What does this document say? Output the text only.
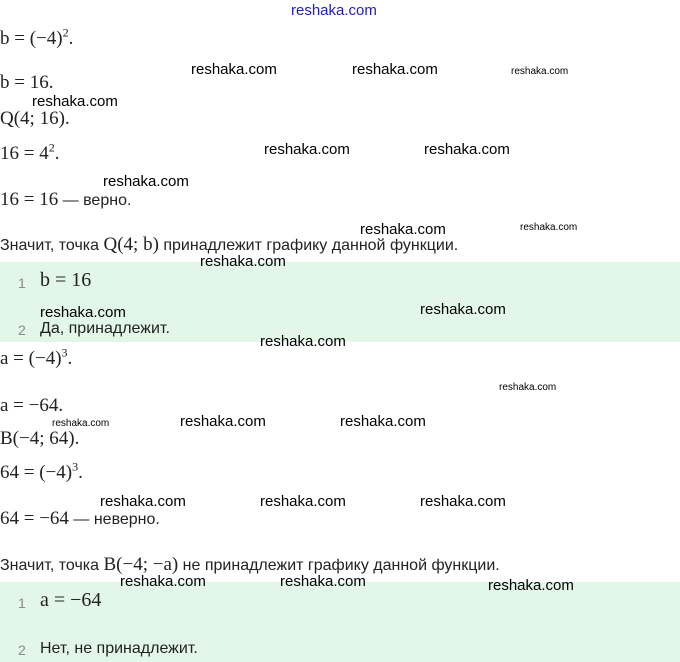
reshaka.com
$b = (-4)^2$.
b = 16.
Q(4; 16).
$16 = 4^2$.
16 = 16 — верно.
Значит, точка Q(4; b) принадлежит графику данной функции.
1 b = 16
2 Да, принадлежит.
$a = (-4)^3$.
a = −64.
B(−4; 64).
$64 = (-4)^3$.
64 = −64 — неверно.
Значит, точка B(−4; −a) не принадлежит графику данной функции.
1 a = −64
2 Нет, не принадлежит.
reshaka.com	reshaka.com	reshaka.com
reshaka.com
reshaka.com	reshaka.com
reshaka.com
reshaka.com	reshaka.com
reshaka.com
reshaka.com	reshaka.com
reshaka.com
reshaka.com
reshaka.com	reshaka.com	reshaka.com
reshaka.com	reshaka.com	reshaka.com
reshaka.com	reshaka.com	reshaka.com
